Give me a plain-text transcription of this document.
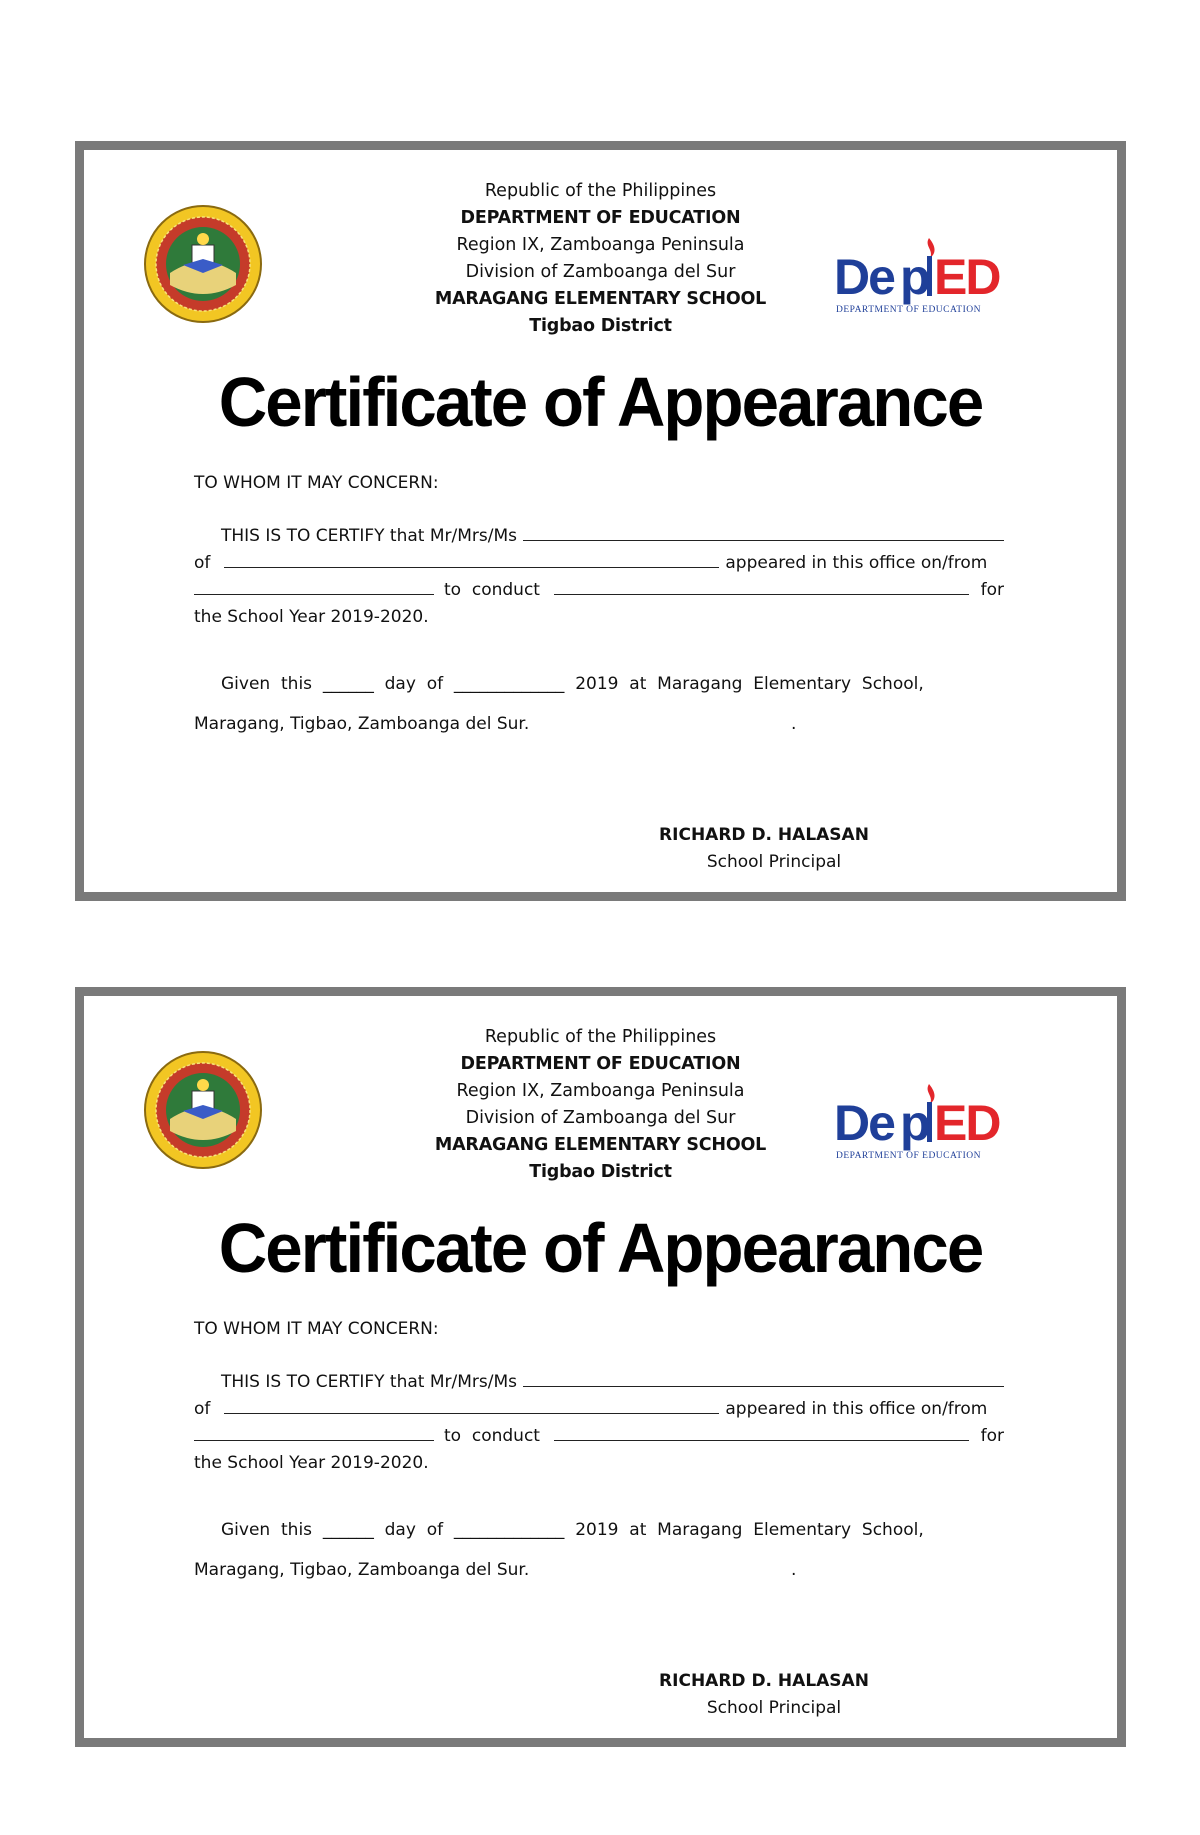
De p ED
DEPARTMENT OF EDUCATION
Republic of the Philippines
DEPARTMENT OF EDUCATION
Region IX, Zamboanga Peninsula
Division of Zamboanga del Sur
MARAGANG ELEMENTARY SCHOOL
Tigbao District
Certificate of Appearance
TO WHOM IT MAY CONCERN:
THIS IS TO CERTIFY that Mr/Mrs/Ms
of	appeared in this office on/from
to  conduct	for
the School Year 2019-2020.
Given  this  ______  day  of  _____________  2019  at  Maragang  Elementary  School,
Maragang, Tigbao, Zamboanga del Sur.	.
RICHARD D. HALASAN
School Principal
De p ED
DEPARTMENT OF EDUCATION
Republic of the Philippines
DEPARTMENT OF EDUCATION
Region IX, Zamboanga Peninsula
Division of Zamboanga del Sur
MARAGANG ELEMENTARY SCHOOL
Tigbao District
Certificate of Appearance
TO WHOM IT MAY CONCERN:
THIS IS TO CERTIFY that Mr/Mrs/Ms
of	appeared in this office on/from
to  conduct	for
the School Year 2019-2020.
Given  this  ______  day  of  _____________  2019  at  Maragang  Elementary  School,
Maragang, Tigbao, Zamboanga del Sur.	.
RICHARD D. HALASAN
School Principal
